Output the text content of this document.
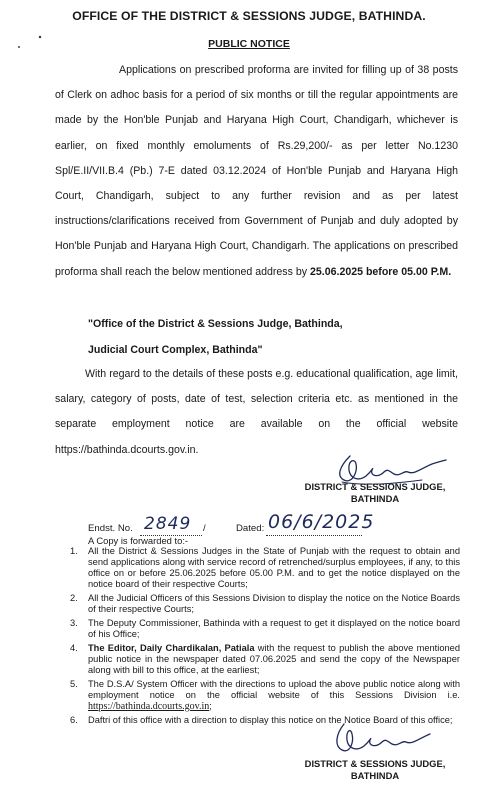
OFFICE OF THE DISTRICT & SESSIONS JUDGE, BATHINDA.
PUBLIC NOTICE

Applications on prescribed proforma are invited for filling up of 38 posts of Clerk on adhoc basis for a period of six months or till the regular appointments are made by the Hon'ble Punjab and Haryana High Court, Chandigarh, whichever is earlier, on fixed monthly emoluments of Rs.29,200/- as per letter No.1230 Spl/E.II/VII.B.4 (Pb.) 7-E dated 03.12.2024 of Hon'ble Punjab and Haryana High Court, Chandigarh, subject to any further revision and as per latest instructions/clarifications received from Government of Punjab and duly adopted by Hon'ble Punjab and Haryana High Court, Chandigarh. The applications on prescribed proforma shall reach the below mentioned address by 25.06.2025 before 05.00 P.M.

"Office of the District & Sessions Judge, Bathinda,
Judicial Court Complex, Bathinda"

With regard to the details of these posts e.g. educational qualification, age limit, salary, category of posts, date of test, selection criteria etc. as mentioned in the separate employment notice are available on the official website https://bathinda.dcourts.gov.in.

DISTRICT & SESSIONS JUDGE,
BATHINDA
Endst. No. 2849 /	Dated: 06/6/2025
A Copy is forwarded to:-
1. All the District & Sessions Judges in the State of Punjab with the request to obtain and send applications along with service record of retrenched/surplus employees, if any, to this office on or before 25.06.2025 before 05.00 P.M. and to get the notice displayed on the notice board of their respective Courts;
2. All the Judicial Officers of this Sessions Division to display the notice on the Notice Boards of their respective Courts;
3. The Deputy Commissioner, Bathinda with a request to get it displayed on the notice board of his Office;
4. The Editor, Daily Chardikalan, Patiala with the request to publish the above mentioned public notice in the newspaper dated 07.06.2025 and send the copy of the Newspaper along with bill to this office, at the earliest;
5. The D.S.A/ System Officer with the directions to upload the above public notice along with employment notice on the official website of this Sessions Division i.e. https://bathinda.dcourts.gov.in;
6. Daftri of this office with a direction to display this notice on the Notice Board of this office;
DISTRICT & SESSIONS JUDGE,
BATHINDA
